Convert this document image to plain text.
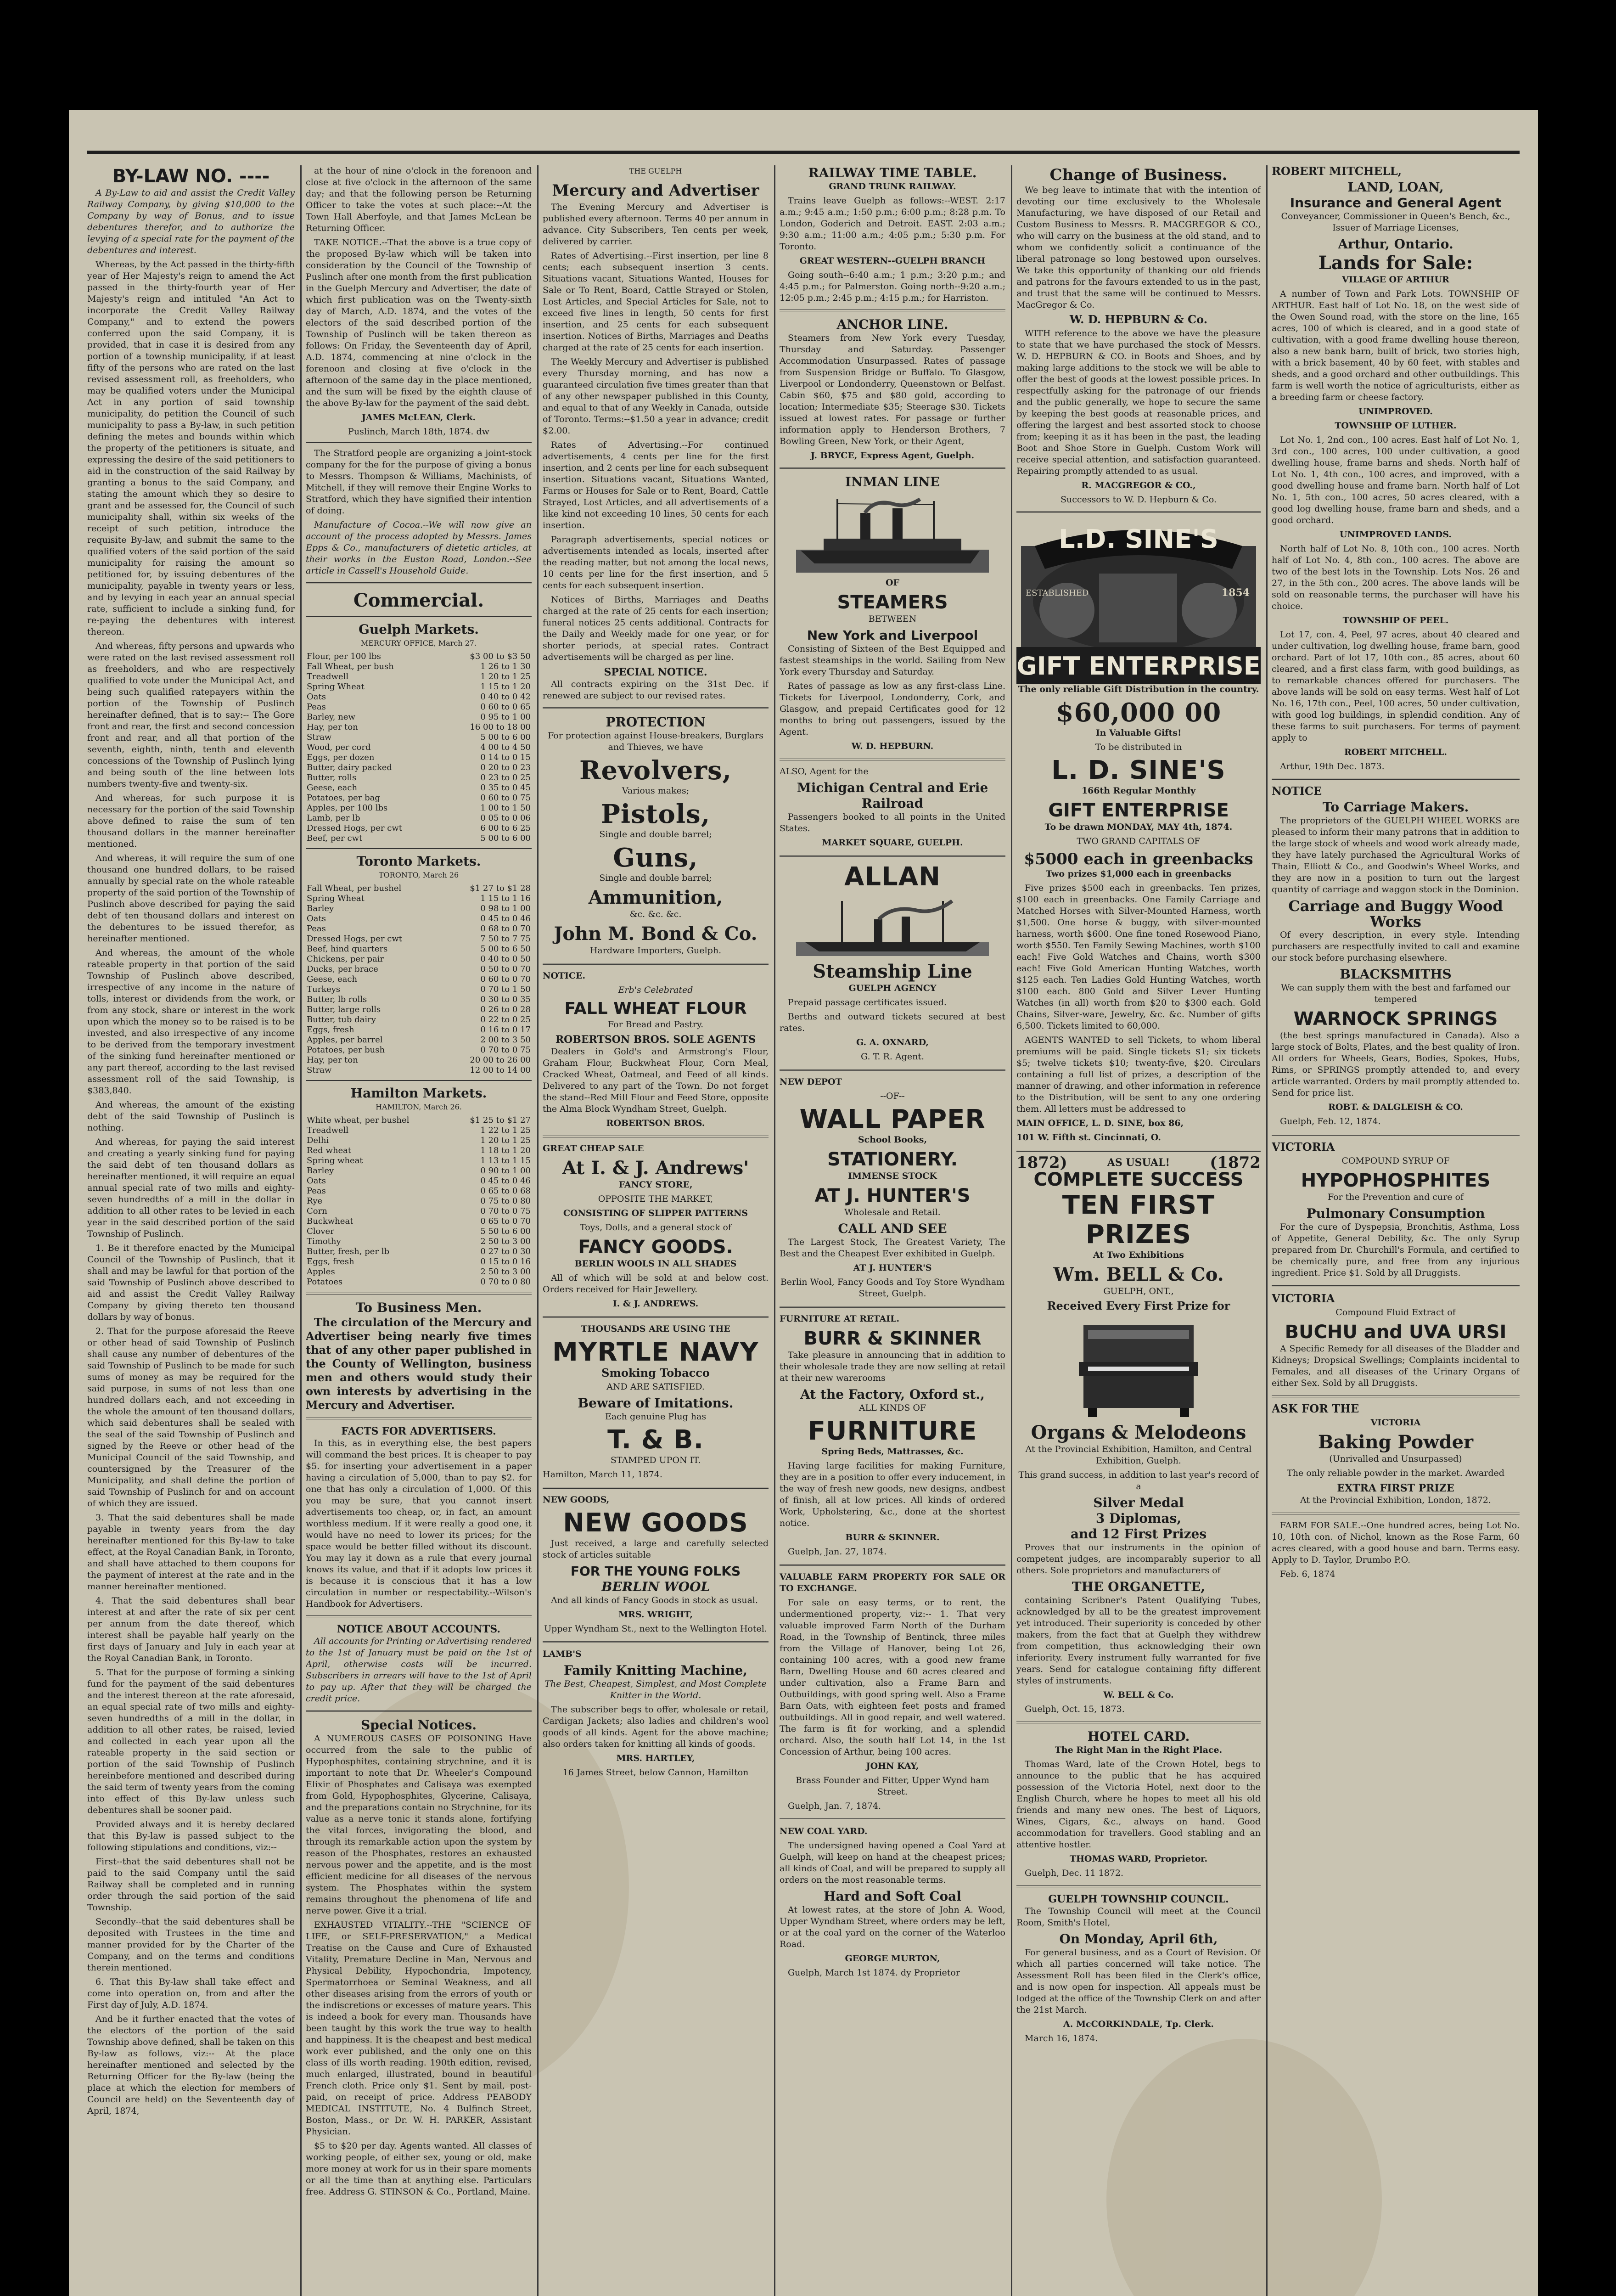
BY-LAW NO. ----

A By-Law to aid and assist the Credit Valley Railway Company, by giving $10,000 to the Company by way of Bonus, and to issue debentures therefor, and to authorize the levying of a special rate for the payment of the debentures and interest.

Whereas, by the Act passed in the thirty-fifth year of Her Majesty's reign to amend the Act passed in the thirty-fourth year of Her Majesty's reign and intituled "An Act to incorporate the Credit Valley Railway Company," and to extend the powers conferred upon the said Company, it is provided, that in case it is desired from any portion of a township municipality, if at least fifty of the persons who are rated on the last revised assessment roll, as freeholders, who may be qualified voters under the Municipal Act in any portion of said township municipality, do petition the Council of such municipality to pass a By-law, in such petition defining the metes and bounds within which the property of the petitioners is situate, and expressing the desire of the said petitioners to aid in the construction of the said Railway by granting a bonus to the said Company, and stating the amount which they so desire to grant and be assessed for, the Council of such municipality shall, within six weeks of the receipt of such petition, introduce the requisite By-law, and submit the same to the qualified voters of the said portion of the said municipality for raising the amount so petitioned for, by issuing debentures of the municipality, payable in twenty years or less, and by levying in each year an annual special rate, sufficient to include a sinking fund, for re-paying the debentures with interest thereon.

And whereas, fifty persons and upwards who were rated on the last revised assessment roll as freeholders, and who are respectively qualified to vote under the Municipal Act, and being such qualified ratepayers within the portion of the Township of Puslinch hereinafter defined, that is to say:-- The Gore front and rear, the first and second concession front and rear, and all that portion of the seventh, eighth, ninth, tenth and eleventh concessions of the Township of Puslinch lying and being south of the line between lots numbers twenty-five and twenty-six.

And whereas, for such purpose it is necessary for the portion of the said Township above defined to raise the sum of ten thousand dollars in the manner hereinafter mentioned.

And whereas, it will require the sum of one thousand one hundred dollars, to be raised annually by special rate on the whole rateable property of the said portion of the Township of Puslinch above described for paying the said debt of ten thousand dollars and interest on the debentures to be issued therefor, as hereinafter mentioned.

And whereas, the amount of the whole rateable property in that portion of the said Township of Puslinch above described, irrespective of any income in the nature of tolls, interest or dividends from the work, or from any stock, share or interest in the work upon which the money so to be raised is to be invested, and also irrespective of any income to be derived from the temporary investment of the sinking fund hereinafter mentioned or any part thereof, according to the last revised assessment roll of the said Township, is $383,840.

And whereas, the amount of the existing debt of the said Township of Puslinch is nothing.

And whereas, for paying the said interest and creating a yearly sinking fund for paying the said debt of ten thousand dollars as hereinafter mentioned, it will require an equal annual special rate of two mills and eighty-seven hundredths of a mill in the dollar in addition to all other rates to be levied in each year in the said described portion of the said Township of Puslinch.

1. Be it therefore enacted by the Municipal Council of the Township of Puslinch, that it shall and may be lawful for that portion of the said Township of Puslinch above described to aid and assist the Credit Valley Railway Company by giving thereto ten thousand dollars by way of bonus.

2. That for the purpose aforesaid the Reeve or other head of said Township of Puslinch shall cause any number of debentures of the said Township of Puslinch to be made for such sums of money as may be required for the said purpose, in sums of not less than one hundred dollars each, and not exceeding in the whole the amount of ten thousand dollars, which said debentures shall be sealed with the seal of the said Township of Puslinch and signed by the Reeve or other head of the Municipal Council of the said Township, and countersigned by the Treasurer of the Municipality, and shall define the portion of said Township of Puslinch for and on account of which they are issued.

3. That the said debentures shall be made payable in twenty years from the day hereinafter mentioned for this By-law to take effect, at the Royal Canadian Bank, in Toronto, and shall have attached to them coupons for the payment of interest at the rate and in the manner hereinafter mentioned.

4. That the said debentures shall bear interest at and after the rate of six per cent per annum from the date thereof, which interest shall be payable half yearly on the first days of January and July in each year at the Royal Canadian Bank, in Toronto.

5. That for the purpose of forming a sinking fund for the payment of the said debentures and the interest thereon at the rate aforesaid, an equal special rate of two mills and eighty-seven hundredths of a mill in the dollar, in addition to all other rates, be raised, levied and collected in each year upon all the rateable property in the said section or portion of the said Township of Puslinch hereinbefore mentioned and described during the said term of twenty years from the coming into effect of this By-law unless such debentures shall be sooner paid.

Provided always and it is hereby declared that this By-law is passed subject to the following stipulations and conditions, viz:--

First--that the said debentures shall not be paid to the said Company until the said Railway shall be completed and in running order through the said portion of the said Township.

Secondly--that the said debentures shall be deposited with Trustees in the time and manner provided for by the Charter of the Company, and on the terms and conditions therein mentioned.

6. That this By-law shall take effect and come into operation on, from and after the First day of July, A.D. 1874.

And be it further enacted that the votes of the electors of the portion of the said Township above defined, shall be taken on this By-law as follows, viz:-- At the place hereinafter mentioned and selected by the Returning Officer for the By-law (being the place at which the election for members of Council are held) on the Seventeenth day of April, 1874,

at the hour of nine o'clock in the forenoon and close at five o'clock in the afternoon of the same day; and that the following person be Returning Officer to take the votes at such place:--At the Town Hall Aberfoyle, and that James McLean be Returning Officer.

TAKE NOTICE.--That the above is a true copy of the proposed By-law which will be taken into consideration by the Council of the Township of Puslinch after one month from the first publication in the Guelph Mercury and Advertiser, the date of which first publication was on the Twenty-sixth day of March, A.D. 1874, and the votes of the electors of the said described portion of the Township of Puslinch will be taken thereon as follows: On Friday, the Seventeenth day of April, A.D. 1874, commencing at nine o'clock in the forenoon and closing at five o'clock in the afternoon of the same day in the place mentioned, and the sum will be fixed by the eighth clause of the above By-law for the payment of the said debt.

JAMES McLEAN, Clerk.

Puslinch, March 18th, 1874. dw

The Stratford people are organizing a joint-stock company for the for the purpose of giving a bonus to Messrs. Thompson & Williams, Machinists, of Mitchell, if they will remove their Engine Works to Stratford, which they have signified their intention of doing.

Manufacture of Cocoa.--We will now give an account of the process adopted by Messrs. James Epps & Co., manufacturers of dietetic articles, at their works in the Euston Road, London.--See article in Cassell's Household Guide.

Commercial.
Guelph Markets.

MERCURY OFFICE, March 27.

Flour, per 100 lbs	$3 00 to $3 50
Fall Wheat, per bush	1 26 to 1 30
Treadwell	1 20 to 1 25
Spring Wheat	1 15 to 1 20
Oats	0 40 to 0 42
Peas	0 60 to 0 65
Barley, new	0 95 to 1 00
Hay, per ton	16 00 to 18 00
Straw	5 00 to 6 00
Wood, per cord	4 00 to 4 50
Eggs, per dozen	0 14 to 0 15
Butter, dairy packed	0 20 to 0 23
Butter, rolls	0 23 to 0 25
Geese, each	0 35 to 0 45
Potatoes, per bag	0 60 to 0 75
Apples, per 100 lbs	1 00 to 1 50
Lamb, per lb	0 05 to 0 06
Dressed Hogs, per cwt	6 00 to 6 25
Beef, per cwt	5 00 to 6 00
Toronto Markets.

TORONTO, March 26

Fall Wheat, per bushel	$1 27 to $1 28
Spring Wheat	1 15 to 1 16
Barley	0 98 to 1 00
Oats	0 45 to 0 46
Peas	0 68 to 0 70
Dressed Hogs, per cwt	7 50 to 7 75
Beef, hind quarters	5 00 to 6 50
Chickens, per pair	0 40 to 0 50
Ducks, per brace	0 50 to 0 70
Geese, each	0 60 to 0 70
Turkeys	0 70 to 1 50
Butter, lb rolls	0 30 to 0 35
Butter, large rolls	0 26 to 0 28
Butter, tub dairy	0 22 to 0 25
Eggs, fresh	0 16 to 0 17
Apples, per barrel	2 00 to 3 50
Potatoes, per bush	0 70 to 0 75
Hay, per ton	20 00 to 26 00
Straw	12 00 to 14 00
Hamilton Markets.

HAMILTON, March 26.

White wheat, per bushel	$1 25 to $1 27
Treadwell	1 22 to 1 25
Delhi	1 20 to 1 25
Red wheat	1 18 to 1 20
Spring wheat	1 13 to 1 15
Barley	0 90 to 1 00
Oats	0 45 to 0 46
Peas	0 65 to 0 68
Rye	0 75 to 0 80
Corn	0 70 to 0 75
Buckwheat	0 65 to 0 70
Clover	5 50 to 6 00
Timothy	2 50 to 3 00
Butter, fresh, per lb	0 27 to 0 30
Eggs, fresh	0 15 to 0 16
Apples	2 50 to 3 00
Potatoes	0 70 to 0 80
To Business Men.

The circulation of the Mercury and Advertiser being nearly five times that of any other paper published in the County of Wellington, business men and others would study their own interests by advertising in the Mercury and Advertiser.

FACTS FOR ADVERTISERS.

In this, as in everything else, the best papers will command the best prices. It is cheaper to pay $5. for inserting your advertisement in a paper having a circulation of 5,000, than to pay $2. for one that has only a circulation of 1,000. Of this you may be sure, that you cannot insert advertisements too cheap, or, in fact, an amount worthless medium. If it were really a good one, it would have no need to lower its prices; for the space would be better filled without its discount. You may lay it down as a rule that every journal knows its value, and that if it adopts low prices it is because it is conscious that it has a low circulation in number or respectability.--Wilson's Handbook for Advertisers.

NOTICE ABOUT ACCOUNTS.

All accounts for Printing or Advertising rendered to the 1st of January must be paid on the 1st of April, otherwise costs will be incurred. Subscribers in arrears will have to the 1st of April to pay up. After that they will be charged the credit price.

Special Notices.

A NUMEROUS CASES OF POISONING Have occurred from the sale to the public of Hypophosphites, containing strychnine, and it is important to note that Dr. Wheeler's Compound Elixir of Phosphates and Calisaya was exempted from Gold, Hypophosphites, Glycerine, Calisaya, and the preparations contain no Strychnine, for its value as a nerve tonic it stands alone, fortifying the vital forces, invigorating the blood, and through its remarkable action upon the system by reason of the Phosphates, restores an exhausted nervous power and the appetite, and is the most efficient medicine for all diseases of the nervous system. The Phosphates within the system remains throughout the phenomena of life and nerve power. Give it a trial.

EXHAUSTED VITALITY.--THE "SCIENCE OF LIFE, or SELF-PRESERVATION," a Medical Treatise on the Cause and Cure of Exhausted Vitality, Premature Decline in Man, Nervous and Physical Debility, Hypochondria, Impotency, Spermatorrhoea or Seminal Weakness, and all other diseases arising from the errors of youth or the indiscretions or excesses of mature years. This is indeed a book for every man. Thousands have been taught by this work the true way to health and happiness. It is the cheapest and best medical work ever published, and the only one on this class of ills worth reading. 190th edition, revised, much enlarged, illustrated, bound in beautiful French cloth. Price only $1. Sent by mail, post-paid, on receipt of price. Address PEABODY MEDICAL INSTITUTE, No. 4 Bulfinch Street, Boston, Mass., or Dr. W. H. PARKER, Assistant Physician.

$5 to $20 per day. Agents wanted. All classes of working people, of either sex, young or old, make more money at work for us in their spare moments or all the time than at anything else. Particulars free. Address G. STINSON & Co., Portland, Maine.

THE GUELPH

Mercury and Advertiser

The Evening Mercury and Advertiser is published every afternoon. Terms 40 per annum in advance. City Subscribers, Ten cents per week, delivered by carrier.

Rates of Advertising.--First insertion, per line 8 cents; each subsequent insertion 3 cents. Situations vacant, Situations Wanted, Houses for Sale or To Rent, Board, Cattle Strayed or Stolen, Lost Articles, and Special Articles for Sale, not to exceed five lines in length, 50 cents for first insertion, and 25 cents for each subsequent insertion. Notices of Births, Marriages and Deaths charged at the rate of 25 cents for each insertion.

The Weekly Mercury and Advertiser is published every Thursday morning, and has now a guaranteed circulation five times greater than that of any other newspaper published in this County, and equal to that of any Weekly in Canada, outside of Toronto. Terms:--$1.50 a year in advance; credit $2.00.

Rates of Advertising.--For continued advertisements, 4 cents per line for the first insertion, and 2 cents per line for each subsequent insertion. Situations vacant, Situations Wanted, Farms or Houses for Sale or to Rent, Board, Cattle Strayed, Lost Articles, and all advertisements of a like kind not exceeding 10 lines, 50 cents for each insertion.

Paragraph advertisements, special notices or advertisements intended as locals, inserted after the reading matter, but not among the local news, 10 cents per line for the first insertion, and 5 cents for each subsequent insertion.

Notices of Births, Marriages and Deaths charged at the rate of 25 cents for each insertion; funeral notices 25 cents additional. Contracts for the Daily and Weekly made for one year, or for shorter periods, at special rates. Contract advertisements will be charged as per line.

SPECIAL NOTICE.

All contracts expiring on the 31st Dec. if renewed are subject to our revised rates.

PROTECTION

For protection against House-breakers, Burglars and Thieves, we have

Revolvers,

Various makes;

Pistols,

Single and double barrel;

Guns,

Single and double barrel;

Ammunition,

&c. &c. &c.

John M. Bond & Co.

Hardware Importers, Guelph.

NOTICE.

Erb's Celebrated

FALL WHEAT FLOUR

For Bread and Pastry.

ROBERTSON BROS. SOLE AGENTS

Dealers in Gold's and Armstrong's Flour, Graham Flour, Buckwheat Flour, Corn Meal, Cracked Wheat, Oatmeal, and Feed of all kinds. Delivered to any part of the Town. Do not forget the stand--Red Mill Flour and Feed Store, opposite the Alma Block Wyndham Street, Guelph.

ROBERTSON BROS.

GREAT CHEAP SALE

At I. & J. Andrews'

FANCY STORE,

OPPOSITE THE MARKET,

CONSISTING OF SLIPPER PATTERNS

Toys, Dolls, and a general stock of

FANCY GOODS.

BERLIN WOOLS IN ALL SHADES

All of which will be sold at and below cost. Orders received for Hair Jewellery.

I. & J. ANDREWS.

THOUSANDS ARE USING THE

MYRTLE NAVY

Smoking Tobacco

AND ARE SATISFIED.

Beware of Imitations.

Each genuine Plug has

T. & B.

STAMPED UPON IT.

Hamilton, March 11, 1874.

NEW GOODS,

NEW GOODS

Just received, a large and carefully selected stock of articles suitable

FOR THE YOUNG FOLKS
BERLIN WOOL

And all kinds of Fancy Goods in stock as usual.

MRS. WRIGHT,

Upper Wyndham St., next to the Wellington Hotel.

LAMB'S

Family Knitting Machine,

The Best, Cheapest, Simplest, and Most Complete Knitter in the World.

The subscriber begs to offer, wholesale or retail, Cardigan Jackets; also ladies and children's wool goods of all kinds. Agent for the above machine; also orders taken for knitting all kinds of goods.

MRS. HARTLEY,

16 James Street, below Cannon, Hamilton

RAILWAY TIME TABLE.

GRAND TRUNK RAILWAY.

Trains leave Guelph as follows:--WEST. 2:17 a.m.; 9:45 a.m.; 1:50 p.m.; 6:00 p.m.; 8:28 p.m. To London, Goderich and Detroit. EAST. 2:03 a.m.; 9:30 a.m.; 11:00 a.m.; 4:05 p.m.; 5:30 p.m. For Toronto.

GREAT WESTERN--GUELPH BRANCH

Going south--6:40 a.m.; 1 p.m.; 3:20 p.m.; and 4:45 p.m.; for Palmerston. Going north--9:20 a.m.; 12:05 p.m.; 2:45 p.m.; 4:15 p.m.; for Harriston.

ANCHOR LINE.

Steamers from New York every Tuesday, Thursday and Saturday. Passenger Accommodation Unsurpassed. Rates of passage from Suspension Bridge or Buffalo. To Glasgow, Liverpool or Londonderry, Queenstown or Belfast. Cabin $60, $75 and $80 gold, according to location; Intermediate $35; Steerage $30. Tickets issued at lowest rates. For passage or further information apply to Henderson Brothers, 7 Bowling Green, New York, or their Agent,

J. BRYCE, Express Agent, Guelph.

INMAN LINE

OF

STEAMERS

BETWEEN

New York and Liverpool

Consisting of Sixteen of the Best Equipped and fastest steamships in the world. Sailing from New York every Thursday and Saturday.

Rates of passage as low as any first-class Line. Tickets for Liverpool, Londonderry, Cork, and Glasgow, and prepaid Certificates good for 12 months to bring out passengers, issued by the Agent.

W. D. HEPBURN.

ALSO, Agent for the

Michigan Central and Erie Railroad

Passengers booked to all points in the United States.

MARKET SQUARE, GUELPH.

ALLAN
Steamship Line

GUELPH AGENCY

Prepaid passage certificates issued.

Berths and outward tickets secured at best rates.

G. A. OXNARD,

G. T. R. Agent.

NEW DEPOT

--OF--

WALL PAPER

School Books,

STATIONERY.

IMMENSE STOCK

AT J. HUNTER'S

Wholesale and Retail.

CALL AND SEE

The Largest Stock, The Greatest Variety, The Best and the Cheapest Ever exhibited in Guelph.

AT J. HUNTER'S

Berlin Wool, Fancy Goods and Toy Store Wyndham Street, Guelph.

FURNITURE AT RETAIL.

BURR & SKINNER

Take pleasure in announcing that in addition to their wholesale trade they are now selling at retail at their new warerooms

At the Factory, Oxford st.,

ALL KINDS OF

FURNITURE

Spring Beds, Mattrasses, &c.

Having large facilities for making Furniture, they are in a position to offer every inducement, in the way of fresh new goods, new designs, andbest of finish, all at low prices. All kinds of ordered Work, Upholstering, &c., done at the shortest notice.

BURR & SKINNER.

Guelph, Jan. 27, 1874.

VALUABLE FARM PROPERTY FOR SALE OR TO EXCHANGE.

For sale on easy terms, or to rent, the undermentioned property, viz:-- 1. That very valuable improved Farm North of the Durham Road, in the Township of Bentinck, three miles from the Village of Hanover, being Lot 26, containing 100 acres, with a good new frame Barn, Dwelling House and 60 acres cleared and under cultivation, also a Frame Barn and Outbuildings, with good spring well. Also a Frame Barn Oats, with eighteen feet posts and framed outbuildings. All in good repair, and well watered. The farm is fit for working, and a splendid orchard. Also, the south half Lot 14, in the 1st Concession of Arthur, being 100 acres.

JOHN KAY,

Brass Founder and Fitter, Upper Wynd ham Street.

Guelph, Jan. 7, 1874.

NEW COAL YARD.

The undersigned having opened a Coal Yard at Guelph, will keep on hand at the cheapest prices; all kinds of Coal, and will be prepared to supply all orders on the most reasonable terms.

Hard and Soft Coal

At lowest rates, at the store of John A. Wood, Upper Wyndham Street, where orders may be left, or at the coal yard on the corner of the Waterloo Road.

GEORGE MURTON,

Guelph, March 1st 1874. dy Proprietor

Change of Business.

We beg leave to intimate that with the intention of devoting our time exclusively to the Wholesale Manufacturing, we have disposed of our Retail and Custom Business to Messrs. R. MACGREGOR & CO., who will carry on the business at the old stand, and to whom we confidently solicit a continuance of the liberal patronage so long bestowed upon ourselves. We take this opportunity of thanking our old friends and patrons for the favours extended to us in the past, and trust that the same will be continued to Messrs. MacGregor & Co.

W. D. HEPBURN & Co.

WITH reference to the above we have the pleasure to state that we have purchased the stock of Messrs. W. D. HEPBURN & CO. in Boots and Shoes, and by making large additions to the stock we will be able to offer the best of goods at the lowest possible prices. In respectfully asking for the patronage of our friends and the public generally, we hope to secure the same by keeping the best goods at reasonable prices, and offering the largest and best assorted stock to choose from; keeping it as it has been in the past, the leading Boot and Shoe Store in Guelph. Custom Work will receive special attention, and satisfaction guaranteed. Repairing promptly attended to as usual.

R. MACGREGOR & CO.,

Successors to W. D. Hepburn & Co.

L.D. SINE'S
ESTABLISHED	1854
GIFT ENTERPRISE

The only reliable Gift Distribution in the country.

$60,000 00

In Valuable Gifts!

To be distributed in

L. D. SINE'S

166th Regular Monthly

GIFT ENTERPRISE

To be drawn MONDAY, MAY 4th, 1874.

TWO GRAND CAPITALS OF

$5000 each in greenbacks

Two prizes $1,000 each in greenbacks

Five prizes $500 each in greenbacks. Ten prizes, $100 each in greenbacks. One Family Carriage and Matched Horses with Silver-Mounted Harness, worth $1,500. One horse & buggy, with silver-mounted harness, worth $600. One fine toned Rosewood Piano, worth $550. Ten Family Sewing Machines, worth $100 each! Five Gold Watches and Chains, worth $300 each! Five Gold American Hunting Watches, worth $125 each. Ten Ladies Gold Hunting Watches, worth $100 each. 800 Gold and Silver Lever Hunting Watches (in all) worth from $20 to $300 each. Gold Chains, Silver-ware, Jewelry, &c. &c. Number of gifts 6,500. Tickets limited to 60,000.

AGENTS WANTED to sell Tickets, to whom liberal premiums will be paid. Single tickets $1; six tickets $5; twelve tickets $10; twenty-five, $20. Circulars containing a full list of prizes, a description of the manner of drawing, and other information in reference to the Distribution, will be sent to any one ordering them. All letters must be addressed to

MAIN OFFICE, L. D. SINE, box 86,

101 W. Fifth st. Cincinnati, O.

1872)	AS USUAL!	(1872
COMPLETE SUCCESS
TEN FIRST PRIZES

At Two Exhibitions

Wm. BELL & Co.

GUELPH, ONT.,

Received Every First Prize for

Organs & Melodeons

At the Provincial Exhibition, Hamilton, and Central Exhibition, Guelph.

This grand success, in addition to last year's record of a

Silver Medal
3 Diplomas,
and 12 First Prizes

Proves that our instruments in the opinion of competent judges, are incomparably superior to all others. Sole proprietors and manufacturers of

THE ORGANETTE,

containing Scribner's Patent Qualifying Tubes, acknowledged by all to be the greatest improvement yet introduced. Their superiority is conceded by other makers, from the fact that at Guelph they withdrew from competition, thus acknowledging their own inferiority. Every instrument fully warranted for five years. Send for catalogue containing fifty different styles of instruments.

W. BELL & Co.

Guelph, Oct. 15, 1873.

HOTEL CARD.

The Right Man in the Right Place.

Thomas Ward, late of the Crown Hotel, begs to announce to the public that he has acquired possession of the Victoria Hotel, next door to the English Church, where he hopes to meet all his old friends and many new ones. The best of Liquors, Wines, Cigars, &c., always on hand. Good accommodation for travellers. Good stabling and an attentive hostler.

THOMAS WARD, Proprietor.

Guelph, Dec. 11 1872.

GUELPH TOWNSHIP COUNCIL.

The Township Council will meet at the Council Room, Smith's Hotel,

On Monday, April 6th,

For general business, and as a Court of Revision. Of which all parties concerned will take notice. The Assessment Roll has been filed in the Clerk's office, and is now open for inspection. All appeals must be lodged at the office of the Township Clerk on and after the 21st March.

A. McCORKINDALE, Tp. Clerk.

March 16, 1874.

ROBERT MITCHELL,

LAND, LOAN,
Insurance and General Agent

Conveyancer, Commissioner in Queen's Bench, &c., Issuer of Marriage Licenses,

Arthur, Ontario.
Lands for Sale:

VILLAGE OF ARTHUR

A number of Town and Park Lots. TOWNSHIP OF ARTHUR. East half of Lot No. 18, on the west side of the Owen Sound road, with the store on the line, 165 acres, 100 of which is cleared, and in a good state of cultivation, with a good frame dwelling house thereon, also a new bank barn, built of brick, two stories high, with a brick basement, 40 by 60 feet, with stables and sheds, and a good orchard and other outbuildings. This farm is well worth the notice of agriculturists, either as a breeding farm or cheese factory.

UNIMPROVED.

TOWNSHIP OF LUTHER.

Lot No. 1, 2nd con., 100 acres. East half of Lot No. 1, 3rd con., 100 acres, 100 under cultivation, a good dwelling house, frame barns and sheds. North half of Lot No. 1, 4th con., 100 acres, and improved, with a good dwelling house and frame barn. North half of Lot No. 1, 5th con., 100 acres, 50 acres cleared, with a good log dwelling house, frame barn and sheds, and a good orchard.

UNIMPROVED LANDS.

North half of Lot No. 8, 10th con., 100 acres. North half of Lot No. 4, 8th con., 100 acres. The above are two of the best lots in the Township. Lots Nos. 26 and 27, in the 5th con., 200 acres. The above lands will be sold on reasonable terms, the purchaser will have his choice.

TOWNSHIP OF PEEL.

Lot 17, con. 4, Peel, 97 acres, about 40 cleared and under cultivation, log dwelling house, frame barn, good orchard. Part of lot 17, 10th con., 85 acres, about 60 cleared, and a first class farm, with good buildings, as to remarkable chances offered for purchasers. The above lands will be sold on easy terms. West half of Lot No. 16, 17th con., Peel, 100 acres, 50 under cultivation, with good log buildings, in splendid condition. Any of these farms to suit purchasers. For terms of payment apply to

ROBERT MITCHELL.

Arthur, 19th Dec. 1873.

NOTICE

To Carriage Makers.

The proprietors of the GUELPH WHEEL WORKS are pleased to inform their many patrons that in addition to the large stock of wheels and wood work already made, they have lately purchased the Agricultural Works of Thain, Elliott & Co., and Goodwin's Wheel Works, and they are now in a position to turn out the largest quantity of carriage and waggon stock in the Dominion.

Carriage and Buggy Wood Works

Of every description, in every style. Intending purchasers are respectfully invited to call and examine our stock before purchasing elsewhere.

BLACKSMITHS

We can supply them with the best and farfamed our tempered

WARNOCK SPRINGS

(the best springs manufactured in Canada). Also a large stock of Bolts, Plates, and the best quality of Iron. All orders for Wheels, Gears, Bodies, Spokes, Hubs, Rims, or SPRINGS promptly attended to, and every article warranted. Orders by mail promptly attended to. Send for price list.

ROBT. & DALGLEISH & CO.

Guelph, Feb. 12, 1874.

VICTORIA

COMPOUND SYRUP OF

HYPOPHOSPHITES

For the Prevention and cure of

Pulmonary Consumption

For the cure of Dyspepsia, Bronchitis, Asthma, Loss of Appetite, General Debility, &c. The only Syrup prepared from Dr. Churchill's Formula, and certified to be chemically pure, and free from any injurious ingredient. Price $1. Sold by all Druggists.

VICTORIA

Compound Fluid Extract of

BUCHU and UVA URSI

A Specific Remedy for all diseases of the Bladder and Kidneys; Dropsical Swellings; Complaints incidental to Females, and all diseases of the Urinary Organs of either Sex. Sold by all Druggists.

ASK FOR THE

VICTORIA

Baking Powder

(Unrivalled and Unsurpassed)

The only reliable powder in the market. Awarded

EXTRA FIRST PRIZE

At the Provincial Exhibition, London, 1872.

FARM FOR SALE.--One hundred acres, being Lot No. 10, 10th con. of Nichol, known as the Rose Farm, 60 acres cleared, with a good house and barn. Terms easy. Apply to D. Taylor, Drumbo P.O.

Feb. 6, 1874
